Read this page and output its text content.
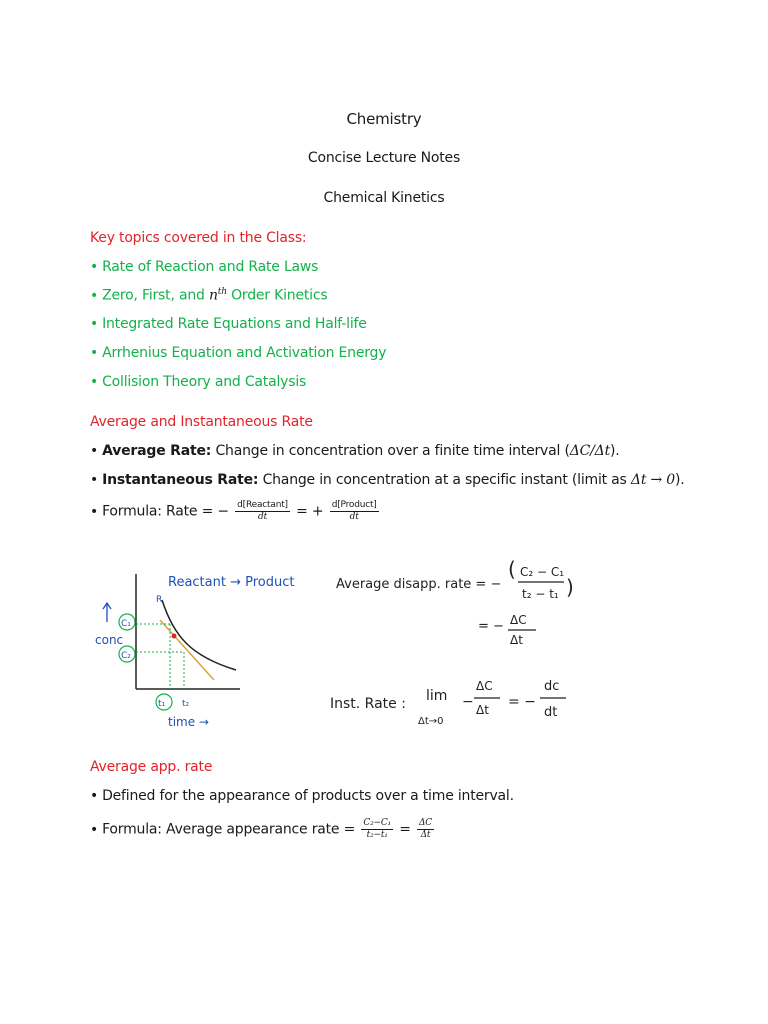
Chemistry
Concise Lecture Notes
Chemical Kinetics
Key topics covered in the Class:
• Rate of Reaction and Rate Laws
• Zero, First, and $n^{th}$ Order Kinetics
• Integrated Rate Equations and Half-life
• Arrhenius Equation and Activation Energy
• Collision Theory and Catalysis
Average and Instantaneous Rate
• Average Rate: Change in concentration over a finite time interval (ΔC/Δt).
• Instantaneous Rate: Change in concentration at a specific instant (limit as Δt → 0).
• Formula: Rate = − $\frac{\text{d[Reactant]}}{dt}$ = + $\frac{\text{d[Product]}}{dt}$
R
C₁
C₂
t₁ t₂
conc
time →
Reactant → Product	Average disapp. rate = −
( C₂ − C₁
t₂ − t₁ )
= − ΔC
Δt
Inst. Rate : lim
Δt→0
−
ΔC
Δt = −
dc
dt
Average app. rate
• Defined for the appearance of products over a time interval.
• Formula: Average appearance rate = $\frac{\text{C₂−C₁}}{\text{t₂−t₁}} = \frac{\Delta C}{\Delta t}$
